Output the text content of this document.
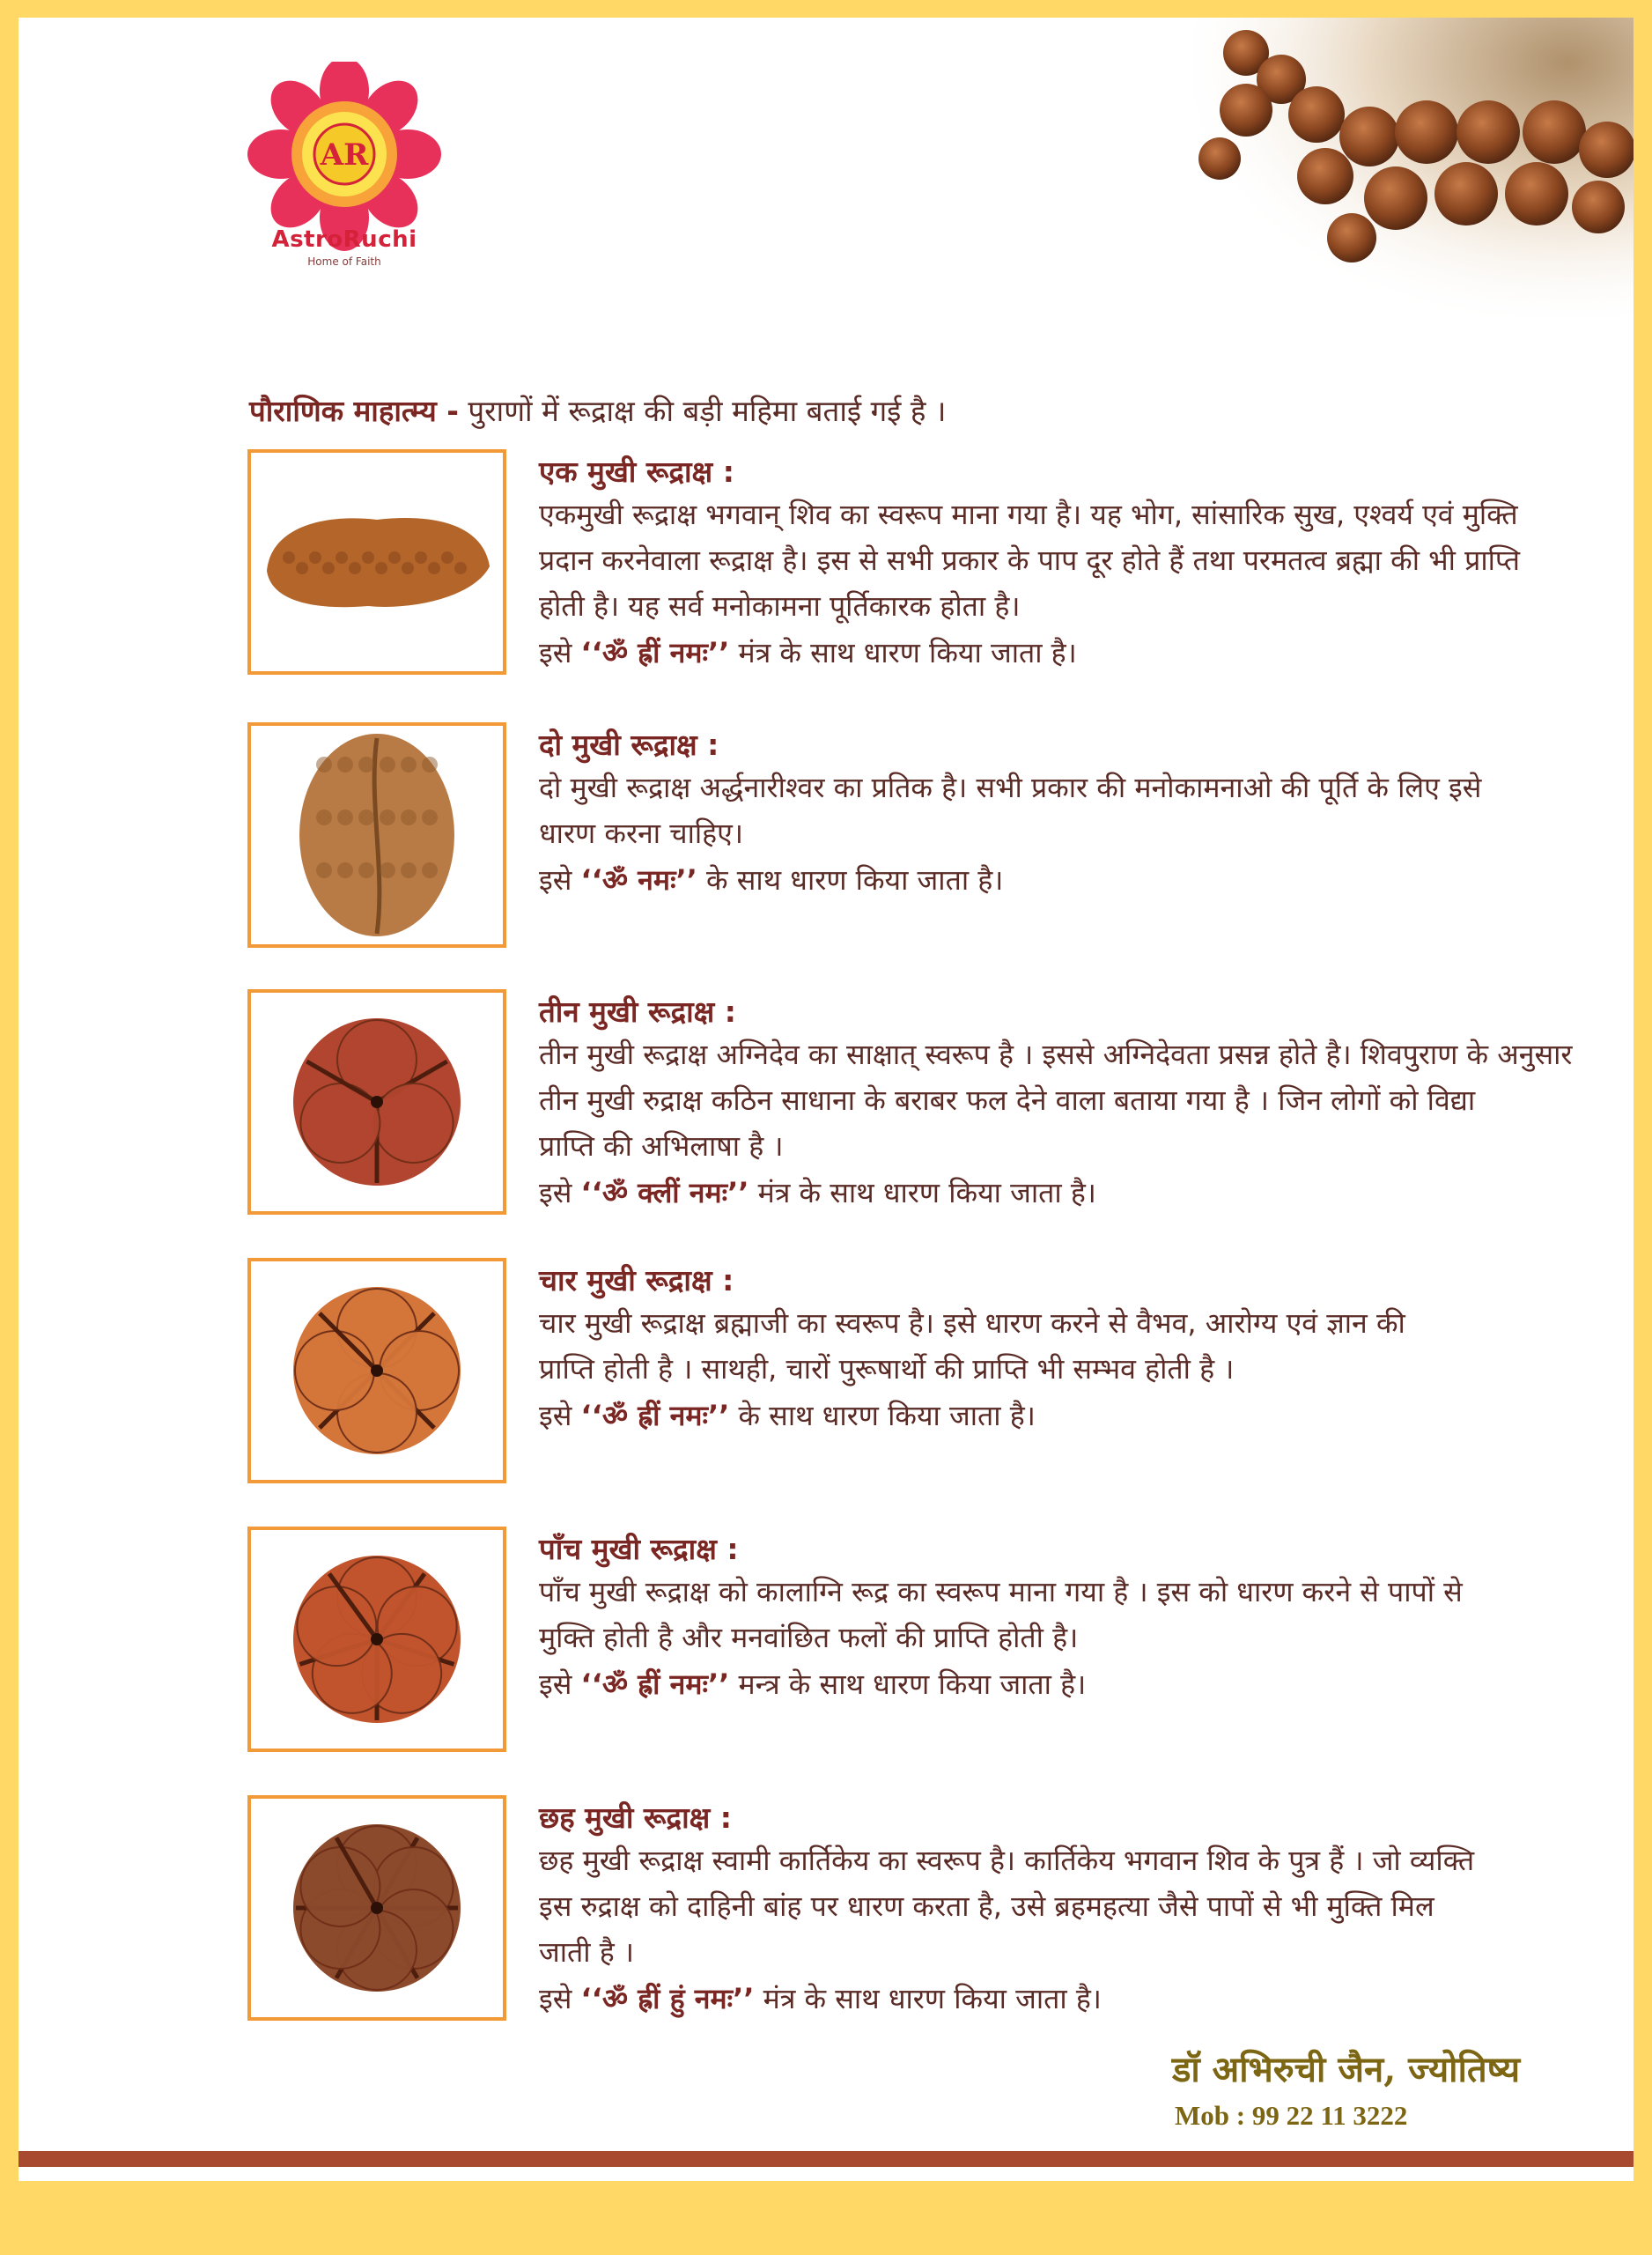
AR
AstroRuchi
Home of Faith
पौराणिक माहात्म्य - पुराणों में रूद्राक्ष की बड़ी महिमा बताई गई है ।
एक मुखी रूद्राक्ष :
एकमुखी रूद्राक्ष भगवान् शिव का स्वरूप माना गया है। यह भोग, सांसारिक सुख, एश्वर्य एवं मुक्ति
प्रदान करनेवाला रूद्राक्ष है। इस से सभी प्रकार के पाप दूर होते हैं तथा परमतत्व ब्रह्मा की भी प्राप्ति
होती है। यह सर्व मनोकामना पूर्तिकारक होता है।
इसे ‘‘ॐ ह्रीं नमः’’ मंत्र के साथ धारण किया जाता है।
दो मुखी रूद्राक्ष :
दो मुखी रूद्राक्ष अर्द्धनारीश्वर का प्रतिक है। सभी प्रकार की मनोकामनाओ की पूर्ति के लिए इसे
धारण करना चाहिए।
इसे ‘‘ॐ नमः’’ के साथ धारण किया जाता है।
तीन मुखी रूद्राक्ष :
तीन मुखी रूद्राक्ष अग्निदेव का साक्षात् स्वरूप है । इससे अग्निदेवता प्रसन्न होते है। शिवपुराण के अनुसार
तीन मुखी रुद्राक्ष कठिन साधाना के बराबर फल देने वाला बताया गया है । जिन लोगों को विद्या
प्राप्ति की अभिलाषा है ।
इसे ‘‘ॐ क्लीं नमः’’ मंत्र के साथ धारण किया जाता है।
चार मुखी रूद्राक्ष :
चार मुखी रूद्राक्ष ब्रह्माजी का स्वरूप है। इसे धारण करने से वैभव, आरोग्य एवं ज्ञान की
प्राप्ति होती है । साथही, चारों पुरूषार्थो की प्राप्ति भी सम्भव होती है ।
इसे ‘‘ॐ ह्रीं नमः’’ के साथ धारण किया जाता है।
पाँच मुखी रूद्राक्ष :
पाँच मुखी रूद्राक्ष को कालाग्नि रूद्र का स्वरूप माना गया है । इस को धारण करने से पापों से
मुक्ति होती है और मनवांछित फलों की प्राप्ति होती है।
इसे ‘‘ॐ ह्रीं नमः’’ मन्त्र के साथ धारण किया जाता है।
छह मुखी रूद्राक्ष :
छह मुखी रूद्राक्ष स्वामी कार्तिकेय का स्वरूप है। कार्तिकेय भगवान शिव के पुत्र हैं । जो व्यक्ति
इस रुद्राक्ष को दाहिनी बांह पर धारण करता है, उसे ब्रहमहत्या जैसे पापों से भी मुक्ति मिल
जाती है ।
इसे ‘‘ॐ ह्रीं हुं नमः’’ मंत्र के साथ धारण किया जाता है।
डॉ अभिरुची जैन, ज्योतिष्य
Mob : 99 22 11 3222
